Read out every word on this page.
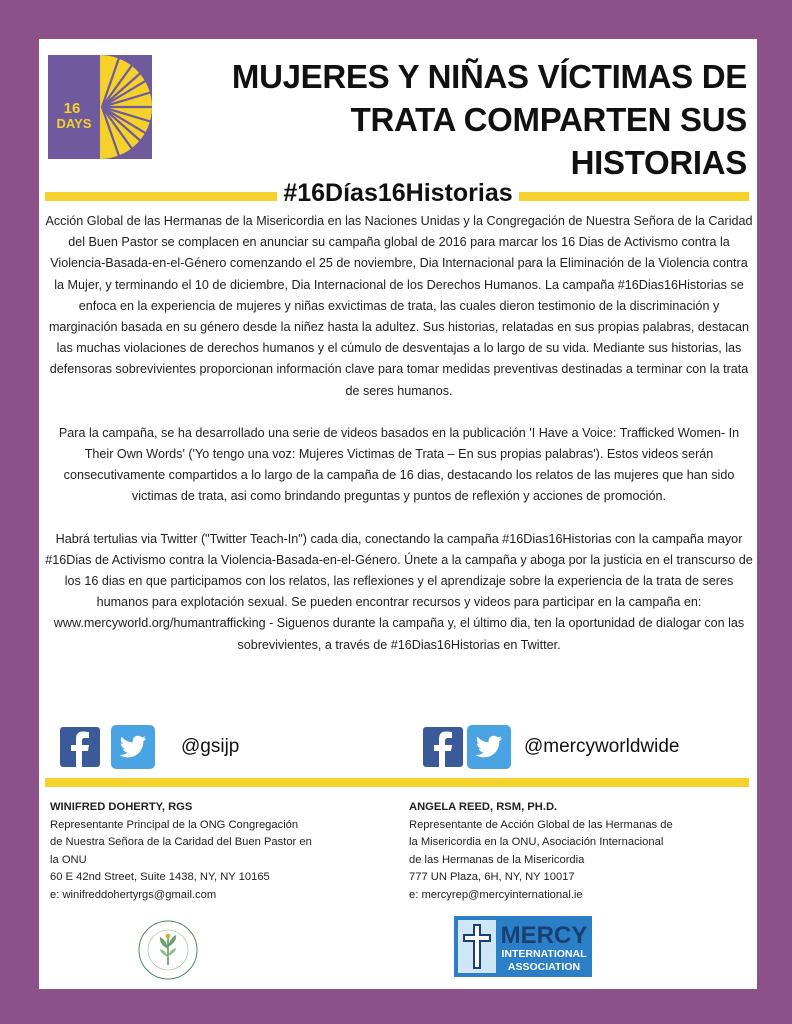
16
DAYS
MUJERES Y NIÑAS VÍCTIMAS DE
TRATA COMPARTEN SUS
HISTORIAS
#16Días16Historias

Acción Global de las Hermanas de la Misericordia en las Naciones Unidas y la Congregación de Nuestra Señora de la Caridad del Buen Pastor se complacen en anunciar su campaña global de 2016 para marcar los 16 Dias de Activismo contra la Violencia-Basada-en-el-Género comenzando el 25 de noviembre, Dia Internacional para la Eliminación de la Violencia contra la Mujer, y terminando el 10 de diciembre, Dia Internacional de los Derechos Humanos. La campaña #16Dias16Historias se enfoca en la experiencia de mujeres y niñas exvictimas de trata, las cuales dieron testimonio de la discriminación y marginación basada en su género desde la niñez hasta la adultez. Sus historias, relatadas en sus propias palabras, destacan las muchas violaciones de derechos humanos y el cúmulo de desventajas a lo largo de su vida. Mediante sus historias, las defensoras sobrevivientes proporcionan información clave para tomar medidas preventivas destinadas a terminar con la trata de seres humanos.

Para la campaña, se ha desarrollado una serie de videos basados en la publicación 'I Have a Voice: Trafficked Women- In Their Own Words' ('Yo tengo una voz: Mujeres Victimas de Trata – En sus propias palabras'). Estos videos serán consecutivamente compartidos a lo largo de la campaña de 16 dias, destacando los relatos de las mujeres que han sido victimas de trata, asi como brindando preguntas y puntos de reflexión y acciones de promoción.

Habrá tertulias via Twitter ("Twitter Teach-In") cada dia, conectando la campaña #16Dias16Historias con la campaña mayor #16Dias de Activismo contra la Violencia-Basada-en-el-Género. Únete a la campaña y aboga por la justicia en el transcurso de los 16 dias en que participamos con los relatos, las reflexiones y el aprendizaje sobre la experiencia de la trata de seres humanos para explotación sexual. Se pueden encontrar recursos y videos para participar en la campaña en: www.mercyworld.org/humantrafficking - Siguenos durante la campaña y, el último dia, ten la oportunidad de dialogar con las sobrevivientes, a través de #16Dias16Historias en Twitter.

@gsijp	@mercyworldwide
WINIFRED DOHERTY, RGS
Representante Principal de la ONG Congregación
de Nuestra Señora de la Caridad del Buen Pastor en
la ONU
60 E 42nd Street, Suite 1438, NY, NY 10165
e: winifreddohertyrgs@gmail.com
ANGELA REED, RSM, PH.D.
Representante de Acción Global de las Hermanas de
la Misericordia en la ONU, Asociación Internacional
de las Hermanas de la Misericordia
777 UN Plaza, 6H, NY, NY 10017
e: mercyrep@mercyinternational.ie
MERCY
INTERNATIONAL
ASSOCIATION
